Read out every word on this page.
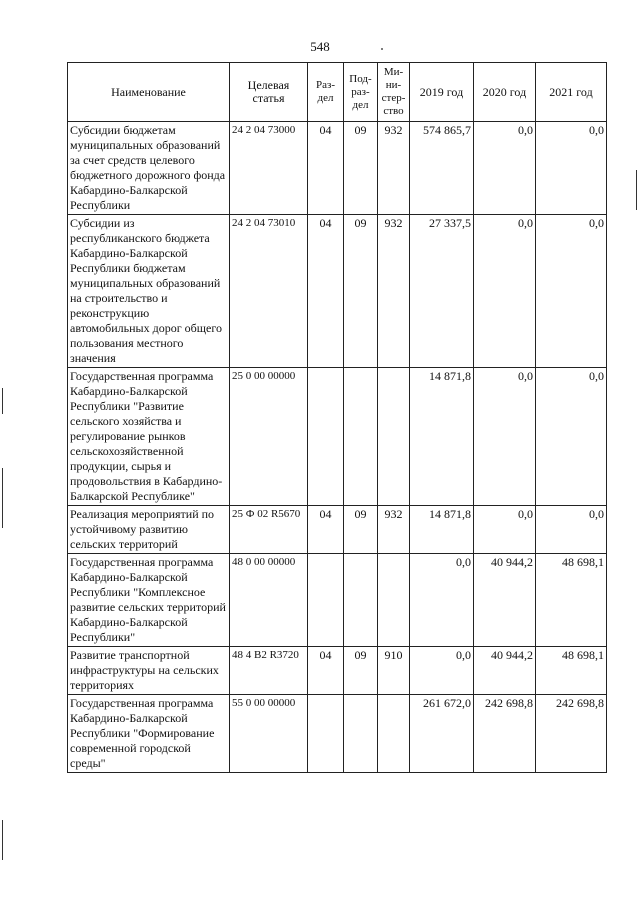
548
Наименование	Целевая статья	Раз-дел	Под-раз-дел	Ми-ни-стер-ство	2019 год	2020 год	2021 год
Субсидии бюджетам муниципальных образований за счет средств целевого бюджетного дорожного фонда Кабардино-Балкарской Республики	24 2 04 73000	04	09	932	574 865,7	0,0	0,0
Субсидии из республиканского бюджета Кабардино-Балкарской Республики бюджетам муниципальных образований на строительство и реконструкцию автомобильных дорог общего пользования местного значения	24 2 04 73010	04	09	932	27 337,5	0,0	0,0
Государственная программа Кабардино-Балкарской Республики "Развитие сельского хозяйства и регулирование рынков сельскохозяйственной продукции, сырья и продовольствия в Кабардино-Балкарской Республике"	25 0 00 00000				14 871,8	0,0	0,0
Реализация мероприятий по устойчивому развитию сельских территорий	25 Ф 02 R5670	04	09	932	14 871,8	0,0	0,0
Государственная программа Кабардино-Балкарской Республики "Комплексное развитие сельских территорий Кабардино-Балкарской Республики"	48 0 00 00000				0,0	40 944,2	48 698,1
Развитие транспортной инфраструктуры на сельских территориях	48 4 B2 R3720	04	09	910	0,0	40 944,2	48 698,1
Государственная программа Кабардино-Балкарской Республики "Формирование современной городской среды"	55 0 00 00000				261 672,0	242 698,8	242 698,8
